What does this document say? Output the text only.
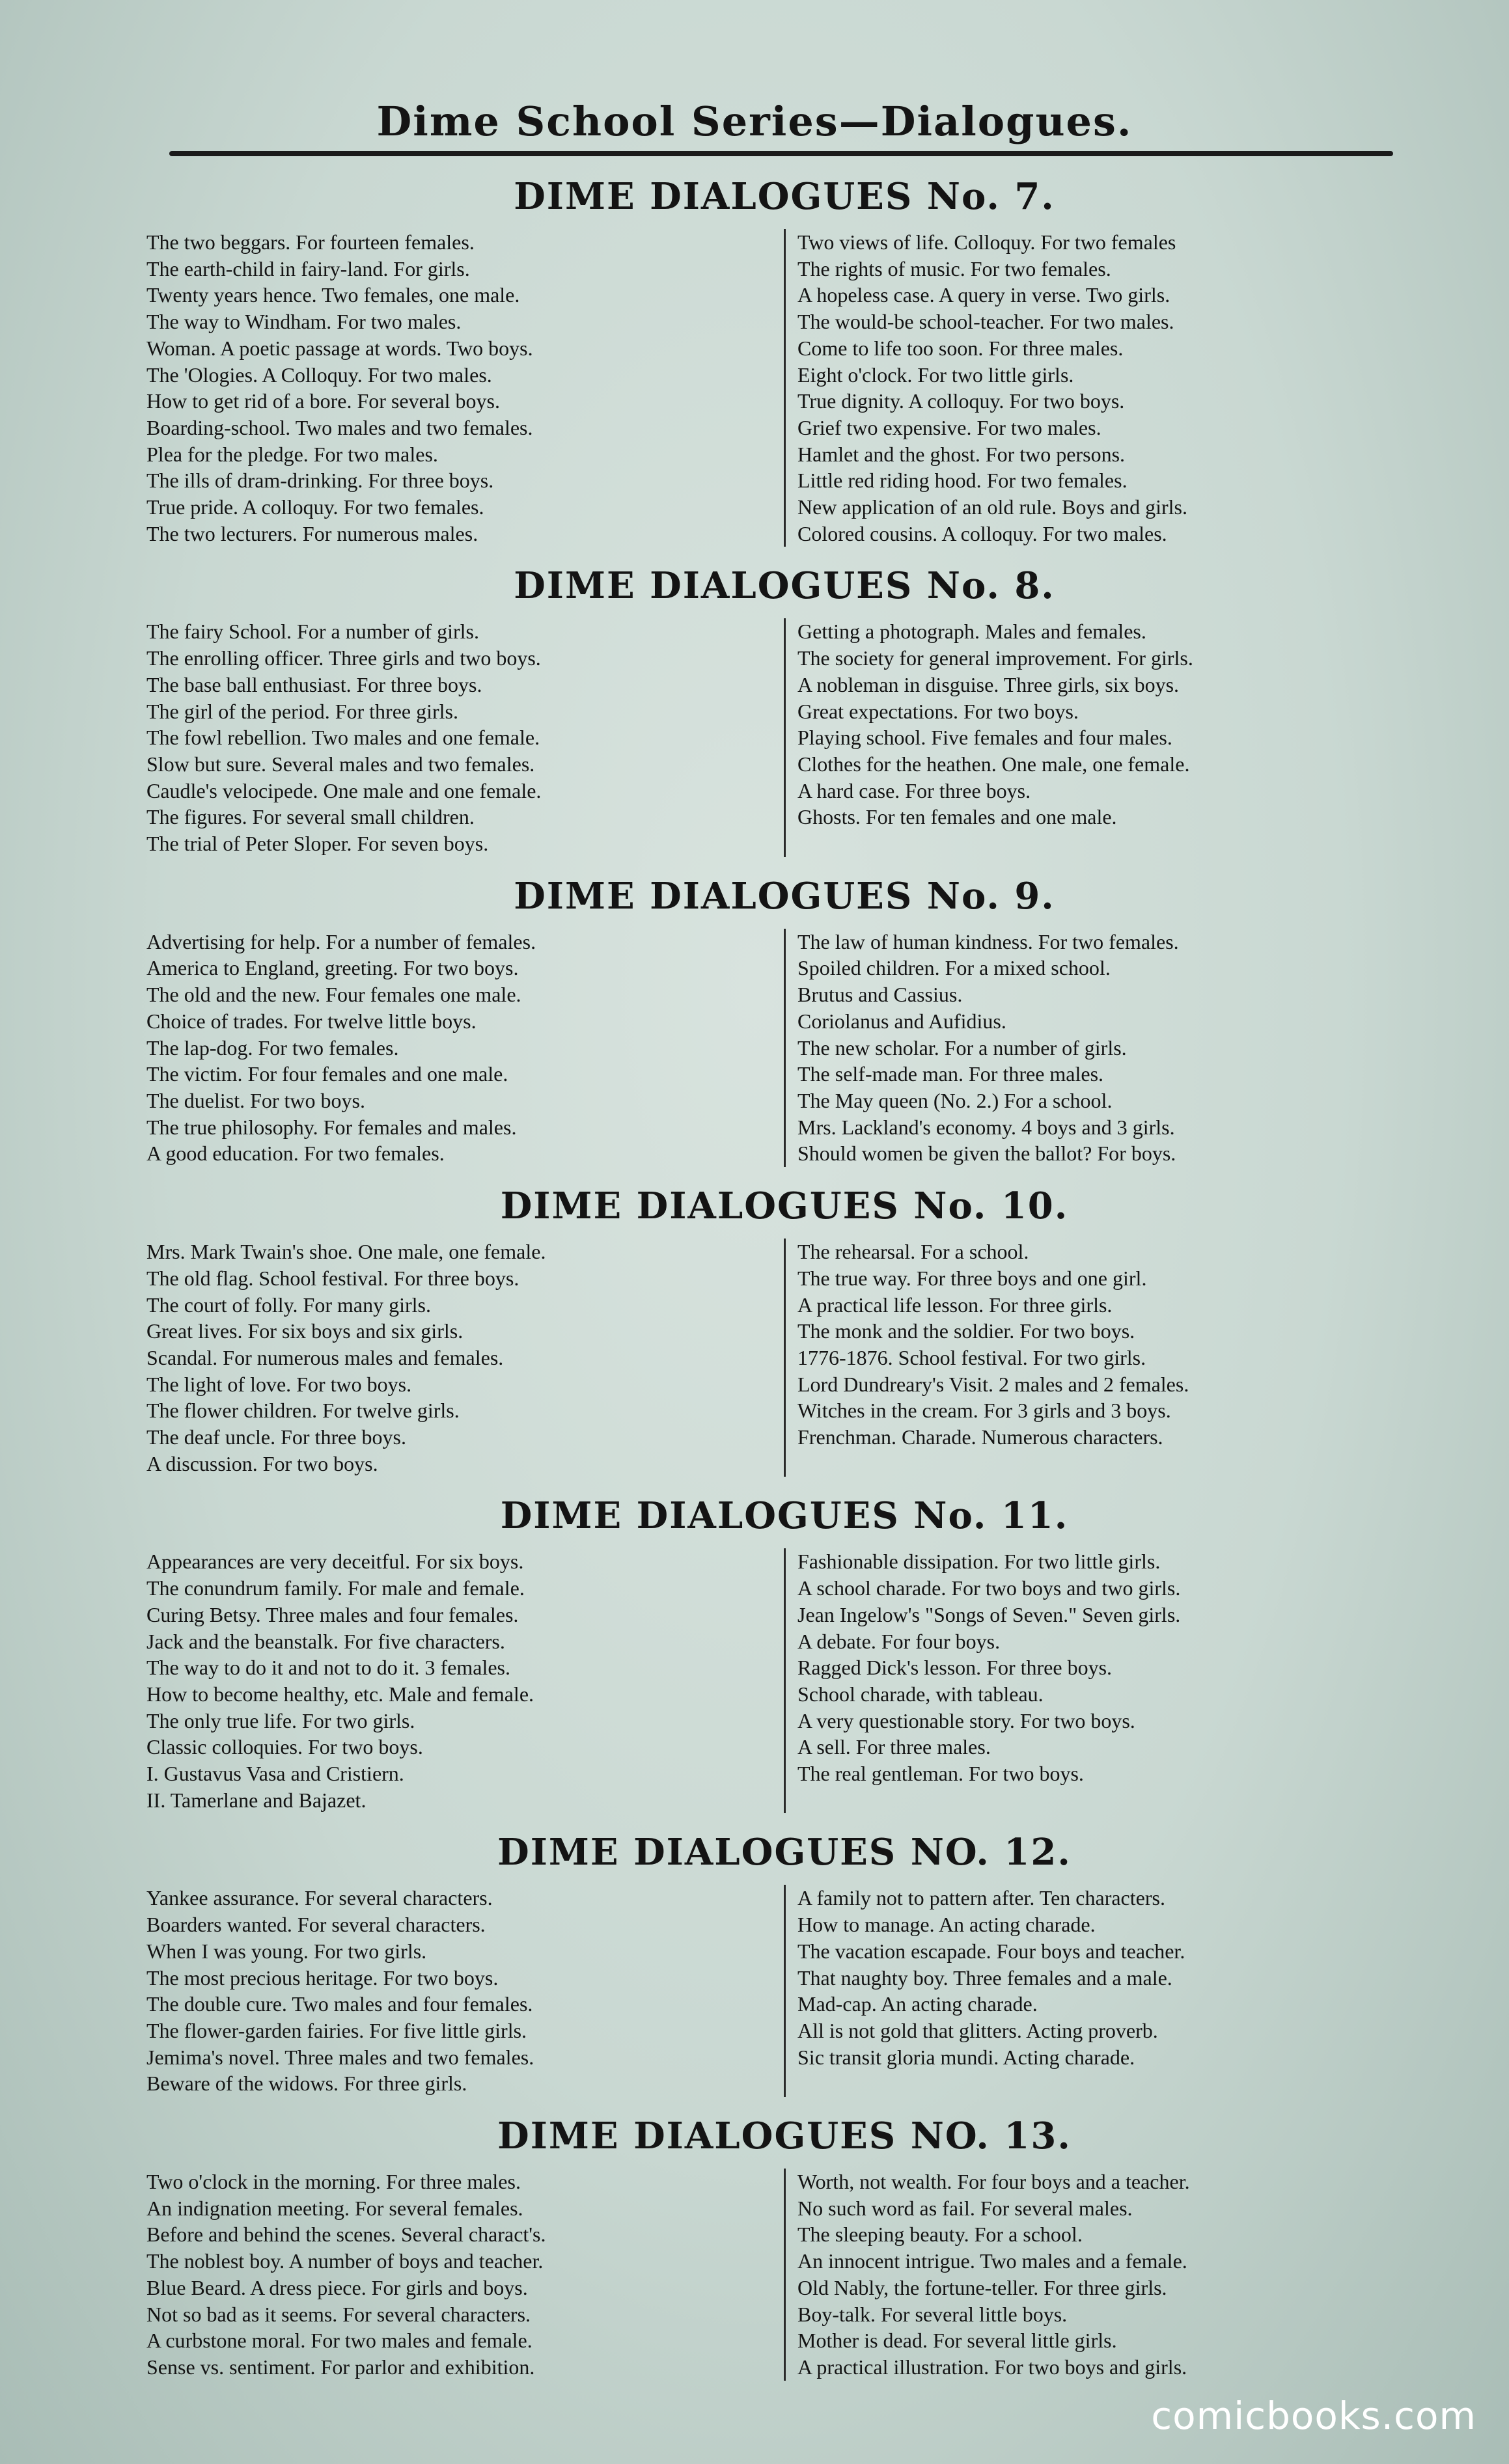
Dime School Series—Dialogues.
DIME DIALOGUES No. 7.
The two beggars. For fourteen females.
The earth-child in fairy-land. For girls.
Twenty years hence. Two females, one male.
The way to Windham. For two males.
Woman. A poetic passage at words. Two boys.
The 'Ologies. A Colloquy. For two males.
How to get rid of a bore. For several boys.
Boarding-school. Two males and two females.
Plea for the pledge. For two males.
The ills of dram-drinking. For three boys.
True pride. A colloquy. For two females.
The two lecturers. For numerous males.
Two views of life. Colloquy. For two females
The rights of music. For two females.
A hopeless case. A query in verse. Two girls.
The would-be school-teacher. For two males.
Come to life too soon. For three males.
Eight o'clock. For two little girls.
True dignity. A colloquy. For two boys.
Grief two expensive. For two males.
Hamlet and the ghost. For two persons.
Little red riding hood. For two females.
New application of an old rule. Boys and girls.
Colored cousins. A colloquy. For two males.
DIME DIALOGUES No. 8.
The fairy School. For a number of girls.
The enrolling officer. Three girls and two boys.
The base ball enthusiast. For three boys.
The girl of the period. For three girls.
The fowl rebellion. Two males and one female.
Slow but sure. Several males and two females.
Caudle's velocipede. One male and one female.
The figures. For several small children.
The trial of Peter Sloper. For seven boys.
Getting a photograph. Males and females.
The society for general improvement. For girls.
A nobleman in disguise. Three girls, six boys.
Great expectations. For two boys.
Playing school. Five females and four males.
Clothes for the heathen. One male, one female.
A hard case. For three boys.
Ghosts. For ten females and one male.
DIME DIALOGUES No. 9.
Advertising for help. For a number of females.
America to England, greeting. For two boys.
The old and the new. Four females one male.
Choice of trades. For twelve little boys.
The lap-dog. For two females.
The victim. For four females and one male.
The duelist. For two boys.
The true philosophy. For females and males.
A good education. For two females.
The law of human kindness. For two females.
Spoiled children. For a mixed school.
Brutus and Cassius.
Coriolanus and Aufidius.
The new scholar. For a number of girls.
The self-made man. For three males.
The May queen (No. 2.) For a school.
Mrs. Lackland's economy. 4 boys and 3 girls.
Should women be given the ballot? For boys.
DIME DIALOGUES No. 10.
Mrs. Mark Twain's shoe. One male, one female.
The old flag. School festival. For three boys.
The court of folly. For many girls.
Great lives. For six boys and six girls.
Scandal. For numerous males and females.
The light of love. For two boys.
The flower children. For twelve girls.
The deaf uncle. For three boys.
A discussion. For two boys.
The rehearsal. For a school.
The true way. For three boys and one girl.
A practical life lesson. For three girls.
The monk and the soldier. For two boys.
1776-1876. School festival. For two girls.
Lord Dundreary's Visit. 2 males and 2 females.
Witches in the cream. For 3 girls and 3 boys.
Frenchman. Charade. Numerous characters.
DIME DIALOGUES No. 11.
Appearances are very deceitful. For six boys.
The conundrum family. For male and female.
Curing Betsy. Three males and four females.
Jack and the beanstalk. For five characters.
The way to do it and not to do it. 3 females.
How to become healthy, etc. Male and female.
The only true life. For two girls.
Classic colloquies. For two boys.
I. Gustavus Vasa and Cristiern.
II. Tamerlane and Bajazet.
Fashionable dissipation. For two little girls.
A school charade. For two boys and two girls.
Jean Ingelow's "Songs of Seven." Seven girls.
A debate. For four boys.
Ragged Dick's lesson. For three boys.
School charade, with tableau.
A very questionable story. For two boys.
A sell. For three males.
The real gentleman. For two boys.
DIME DIALOGUES NO. 12.
Yankee assurance. For several characters.
Boarders wanted. For several characters.
When I was young. For two girls.
The most precious heritage. For two boys.
The double cure. Two males and four females.
The flower-garden fairies. For five little girls.
Jemima's novel. Three males and two females.
Beware of the widows. For three girls.
A family not to pattern after. Ten characters.
How to manage. An acting charade.
The vacation escapade. Four boys and teacher.
That naughty boy. Three females and a male.
Mad-cap. An acting charade.
All is not gold that glitters. Acting proverb.
Sic transit gloria mundi. Acting charade.
DIME DIALOGUES NO. 13.
Two o'clock in the morning. For three males.
An indignation meeting. For several females.
Before and behind the scenes. Several charact's.
The noblest boy. A number of boys and teacher.
Blue Beard. A dress piece. For girls and boys.
Not so bad as it seems. For several characters.
A curbstone moral. For two males and female.
Sense vs. sentiment. For parlor and exhibition.
Worth, not wealth. For four boys and a teacher.
No such word as fail. For several males.
The sleeping beauty. For a school.
An innocent intrigue. Two males and a female.
Old Nably, the fortune-teller. For three girls.
Boy-talk. For several little boys.
Mother is dead. For several little girls.
A practical illustration. For two boys and girls.
comicbooks.com
